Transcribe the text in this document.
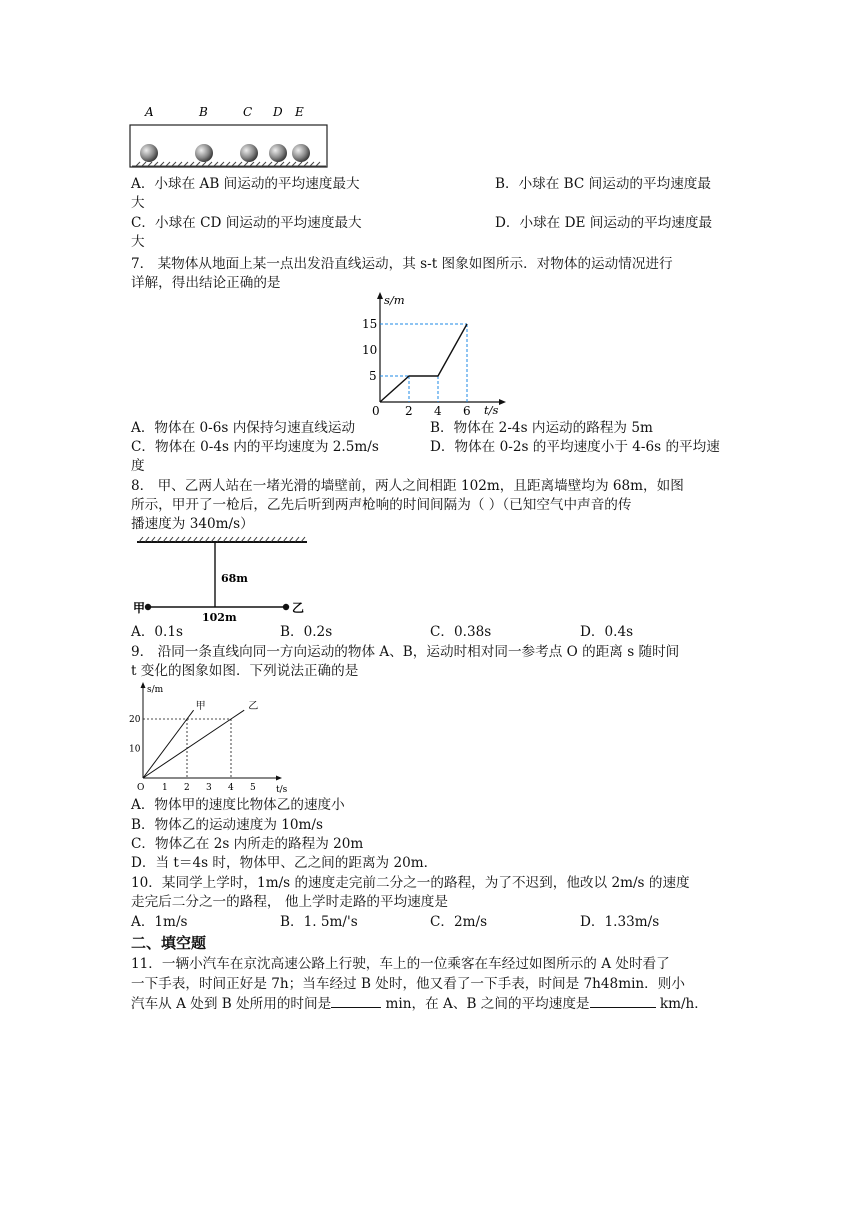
A	B	C D E
A．小球在 AB 间运动的平均速度最大	B．小球在 BC 间运动的平均速度最
大
C．小球在 CD 间运动的平均速度最大	D．小球在 DE 间运动的平均速度最
大
7． 某物体从地面上某一点出发沿直线运动，其 s-t 图象如图所示．对物体的运动情况进行
详解，得出结论正确的是
s/m
t/s
0 2 4 6
5
10
15
A．物体在 0-6s 内保持匀速直线运动	B．物体在 2-4s 内运动的路程为 5m
C．物体在 0-4s 内的平均速度为 2.5m/s	D．物体在 0-2s 的平均速度小于 4-6s 的平均速
度
8． 甲、乙两人站在一堵光滑的墙壁前，两人之间相距 102m，且距离墙壁均为 68m，如图
所示，甲开了一枪后，乙先后听到两声枪响的时间间隔为（ ）（已知空气中声音的传
播速度为 340m/s）
68m
102m
甲	乙
A．0.1s	B．0.2s	C．0.38s	D．0.4s
9． 沿同一条直线向同一方向运动的物体 A、B，运动时相对同一参考点 O 的距离 s 随时间
t 变化的图象如图．下列说法正确的是
s/m
t/s
O 1 2 3 4 5
10
20
甲	乙
A．物体甲的速度比物体乙的速度小
B．物体乙的运动速度为 10m/s
C．物体乙在 2s 内所走的路程为 20m
D．当 t＝4s 时，物体甲、乙之间的距离为 20m．
10．某同学上学时，1m/s 的速度走完前二分之一的路程，为了不迟到，他改以 2m/s 的速度
走完后二分之一的路程， 他上学时走路的平均速度是
A．1m/s	B．1. 5m/'s	C．2m/s	D．1.33m/s
二、填空题
11．一辆小汽车在京沈高速公路上行驶，车上的一位乘客在车经过如图所示的 A 处时看了
一下手表，时间正好是 7h；当车经过 B 处时，他又看了一下手表，时间是 7h48min．则小
汽车从 A 处到 B 处所用的时间是	min，在 A、B 之间的平均速度是	km/h．
